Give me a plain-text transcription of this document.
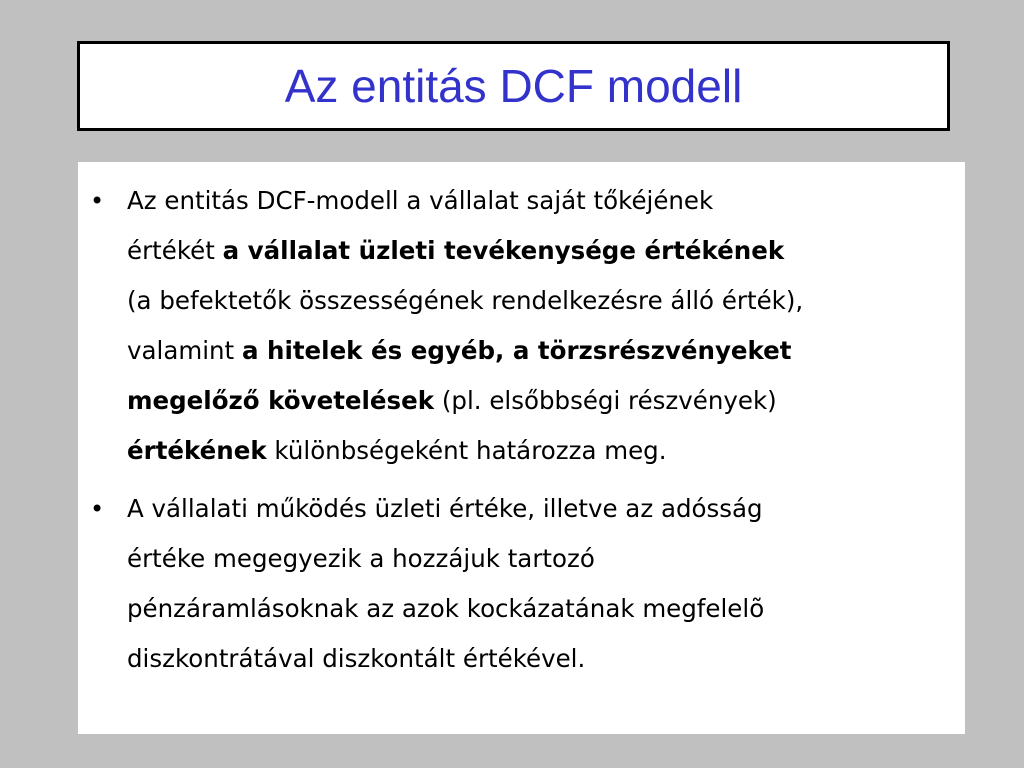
Az entitás DCF modell
• Az entitás DCF-modell a vállalat saját tőkéjének
értékét a vállalat üzleti tevékenysége értékének
(a befektetők összességének rendelkezésre álló érték),
valamint a hitelek és egyéb, a törzsrészvényeket
megelőző követelések (pl. elsőbbségi részvények)
értékének különbségeként határozza meg.
• A vállalati működés üzleti értéke, illetve az adósság
értéke megegyezik a hozzájuk tartozó
pénzáramlásoknak az azok kockázatának megfelelõ
diszkontrátával diszkontált értékével.
